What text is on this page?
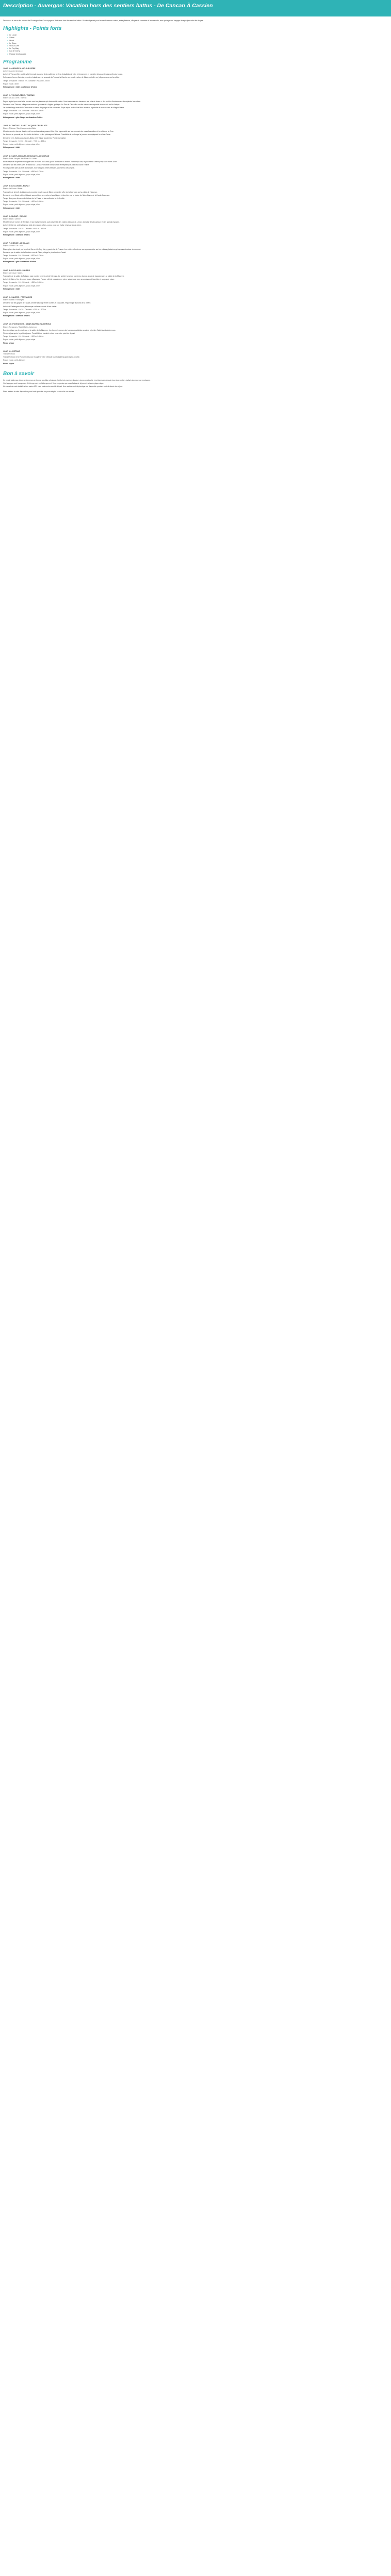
Description - Auvergne: Vacation hors des sentiers battus - De Cancan À Cassien

Découvrez le cœur des volcans de l'Auvergne lors d'un voyage en itinérance hors des sentiers battus. Un circuit pensé pour les randonneurs curieux, entre plateaux, villages de caractère et lacs secrets, avec portage des bagages chaque jour entre les étapes.

Highlights - Points forts
• Le Lioran
• Salers
• Murat
• Le Claux
• Vic-sur-Cère
• Le Puy Mary
• Lac de Guéry
• Portage des bagages
Programme

JOUR 1 : ARRIVÉE À VIC-SUR-CÈRE

Arrivée au point de départ

Arrivée à Vic-sur-Cère, petite ville thermale au cœur de la vallée de la Cère. Installation à votre hébergement et première découverte des ruelles du bourg.

Selon votre heure d'arrivée, première balade vers la cascade du Trou de la Conche ou vers le rocher de Muret, qui offre un joli panorama sur la vallée.

Temps de marche : environ 2 h - Dénivelé : +200 m / -200 m

Repas inclus : dîner

Hébergement : hôtel ou chambre d'hôtes

JOUR 2 : VIC-SUR-CÈRE - THIÉZAC

Étape : Vic-sur-Cère / Thiézac

Départ à pied pour une belle montée vers les plateaux qui dominent la vallée. Vous traversez des hameaux aux toits de lauze et des prairies fleuries avant de rejoindre les crêtes.

Descente vers Thiézac, village aux maisons typiques et à l'église gothique. Le Pas de Cère offre un site naturel remarquable à découvrir en fin d'étape.

Le sentier longe ensuite la Cère dans un décor de gorges et de cascades. Pique-nique au bord de l'eau avant de reprendre la marche vers le village d'étape.

Temps de marche : 5 h - Dénivelé : +550 m / -480 m

Repas inclus : petit-déjeuner, pique-nique, dîner

Hébergement : gîte d'étape ou chambre d'hôtes

JOUR 3 : THIÉZAC - SAINT-JACQUES-DES-BLATS

Étape : Thiézac / Saint-Jacques-des-Blats

Montée vers les burons d'estive où les vaches salers passent l'été. Vue imprenable sur les sommets du massif cantalien et la vallée de la Cère.

Le chemin se poursuit par des forêts de hêtres et des pâturages d'altitude. Possibilité de prolonger la journée en rejoignant le col de Cabre.

Descente vers Saint-Jacques-des-Blats, petit village au pied du Plomb du Cantal.

Temps de marche : 5 h 30 - Dénivelé : +700 m / -600 m

Repas inclus : petit-déjeuner, pique-nique, dîner

Hébergement : hôtel

JOUR 4 : SAINT-JACQUES-DES-BLATS - LE LIORAN

Étape : Saint-Jacques-des-Blats / Le Lioran

Belle étape de moyenne montagne vers le Plomb du Cantal, point culminant du massif. Par temps clair, le panorama s'étend jusqu'aux monts Dore.

Descente par les crêtes vers la station du Lioran. Possibilité d'emprunter le téléphérique pour raccourcir l'étape.

Fin de journée dans la forêt domaniale, l'une des plus belles hêtraies-sapinières d'Auvergne.

Temps de marche : 6 h - Dénivelé : +850 m / -720 m

Repas inclus : petit-déjeuner, pique-nique, dîner

Hébergement : hôtel

JOUR 5 : LE LIORAN - MURAT

Étape : Le Lioran / Murat

Traversée de la forêt du Lioran puis montée vers le puy de Bâne. Le sentier offre de belles vues sur la vallée de l'Alagnon.

Descente vers Murat, cité médiévale accrochée à ses rochers basaltiques et dominée par la statue de Notre-Dame de la Haute-Auvergne.

Temps libre pour découvrir la Maison de la Faune et les ruelles de la vieille ville.

Temps de marche : 5 h - Dénivelé : +400 m / -650 m

Repas inclus : petit-déjeuner, pique-nique, dîner

Hébergement : hôtel

JOUR 6 : MURAT - DIENNE

Étape : Murat / Dienne

Montée vers le rocher de Bredons et son église romane, puis traversée des vastes plateaux du Limon, domaine des troupeaux et des grands espaces.

Arrivée à Dienne, petit village au pied des hautes crêtes, connu pour son église et ses croix de pierre.

Temps de marche : 5 h 30 - Dénivelé : +600 m / -450 m

Repas inclus : petit-déjeuner, pique-nique, dîner

Hébergement : chambre d'hôtes

JOUR 7 : DIENNE - LE CLAUX

Étape : Dienne / Le Claux

Étape phare du circuit par le col de Serre et le Puy Mary, grand site de France. Les crêtes offrent une vue spectaculaire sur les vallées glaciaires qui rayonnent autour du sommet.

Descente par la vallée de la Santoire vers le Claux, village le plus haut du Cantal.

Temps de marche : 6 h - Dénivelé : +900 m / -750 m

Repas inclus : petit-déjeuner, pique-nique, dîner

Hébergement : gîte ou chambre d'hôtes

JOUR 8 : LE CLAUX - SALERS

Étape : Le Claux / Salers

Traversée de la vallée du Falgoux puis montée vers le col de Néronne. Le sentier longe de nombreux burons avant de basculer vers la vallée de la Maronne.

Arrivée à Salers, l'un des plus beaux villages de France, cité de caractère en pierre volcanique avec ses maisons à tourelles et sa grande place.

Temps de marche : 6 h - Dénivelé : +650 m / -800 m

Repas inclus : petit-déjeuner, pique-nique, dîner

Hébergement : hôtel

JOUR 9 : SALERS - FONTANGES

Étape : Salers / Fontanges

Descente par les gorges de l'Aspre, sentier sauvage entre rochers et cascades. Pique-nique au bord de la rivière.

Arrivée à Fontanges et son pittoresque rocher surmonté d'une statue.

Temps de marche : 4 h 30 - Dénivelé : +350 m / -500 m

Repas inclus : petit-déjeuner, pique-nique, dîner

Hébergement : chambre d'hôtes

JOUR 10 : FONTANGES - SAINT-MARTIN-VALMEROUX

Étape : Fontanges / Saint-Martin-Valmeroux

Dernière étape par les plateaux et la vallée de la Maronne. Le chemin traverse des hameaux paisibles avant de rejoindre Saint-Martin-Valmeroux.

Fin du séjour après le petit-déjeuner. Possibilité de transfert retour vers votre point de départ.

Temps de marche : 4 h - Dénivelé : +300 m / -450 m

Repas inclus : petit-déjeuner, pique-nique

Fin du séjour

JOUR 11 : RETOUR

Transfert retour

Transfert retour vers Vic-sur-Cère pour récupérer votre véhicule ou rejoindre la gare la plus proche.

Repas inclus : petit-déjeuner

Fin du séjour

Bon à savoir

Ce circuit s'adresse à des randonneurs en bonne condition physique, habitués à marcher plusieurs jours consécutifs. Les étapes se déroulent sur des sentiers balisés de moyenne montagne.

Vos bagages sont transportés d'hébergement en hébergement. Vous ne portez que vos affaires de la journée et votre pique-nique.

Un carnet de route détaillé et les cartes IGN vous sont remis avant le départ. Une assistance téléphonique est disponible pendant toute la durée du séjour.

Nous restons à votre disposition pour toute question ou pour adapter ce circuit à vos envies.
